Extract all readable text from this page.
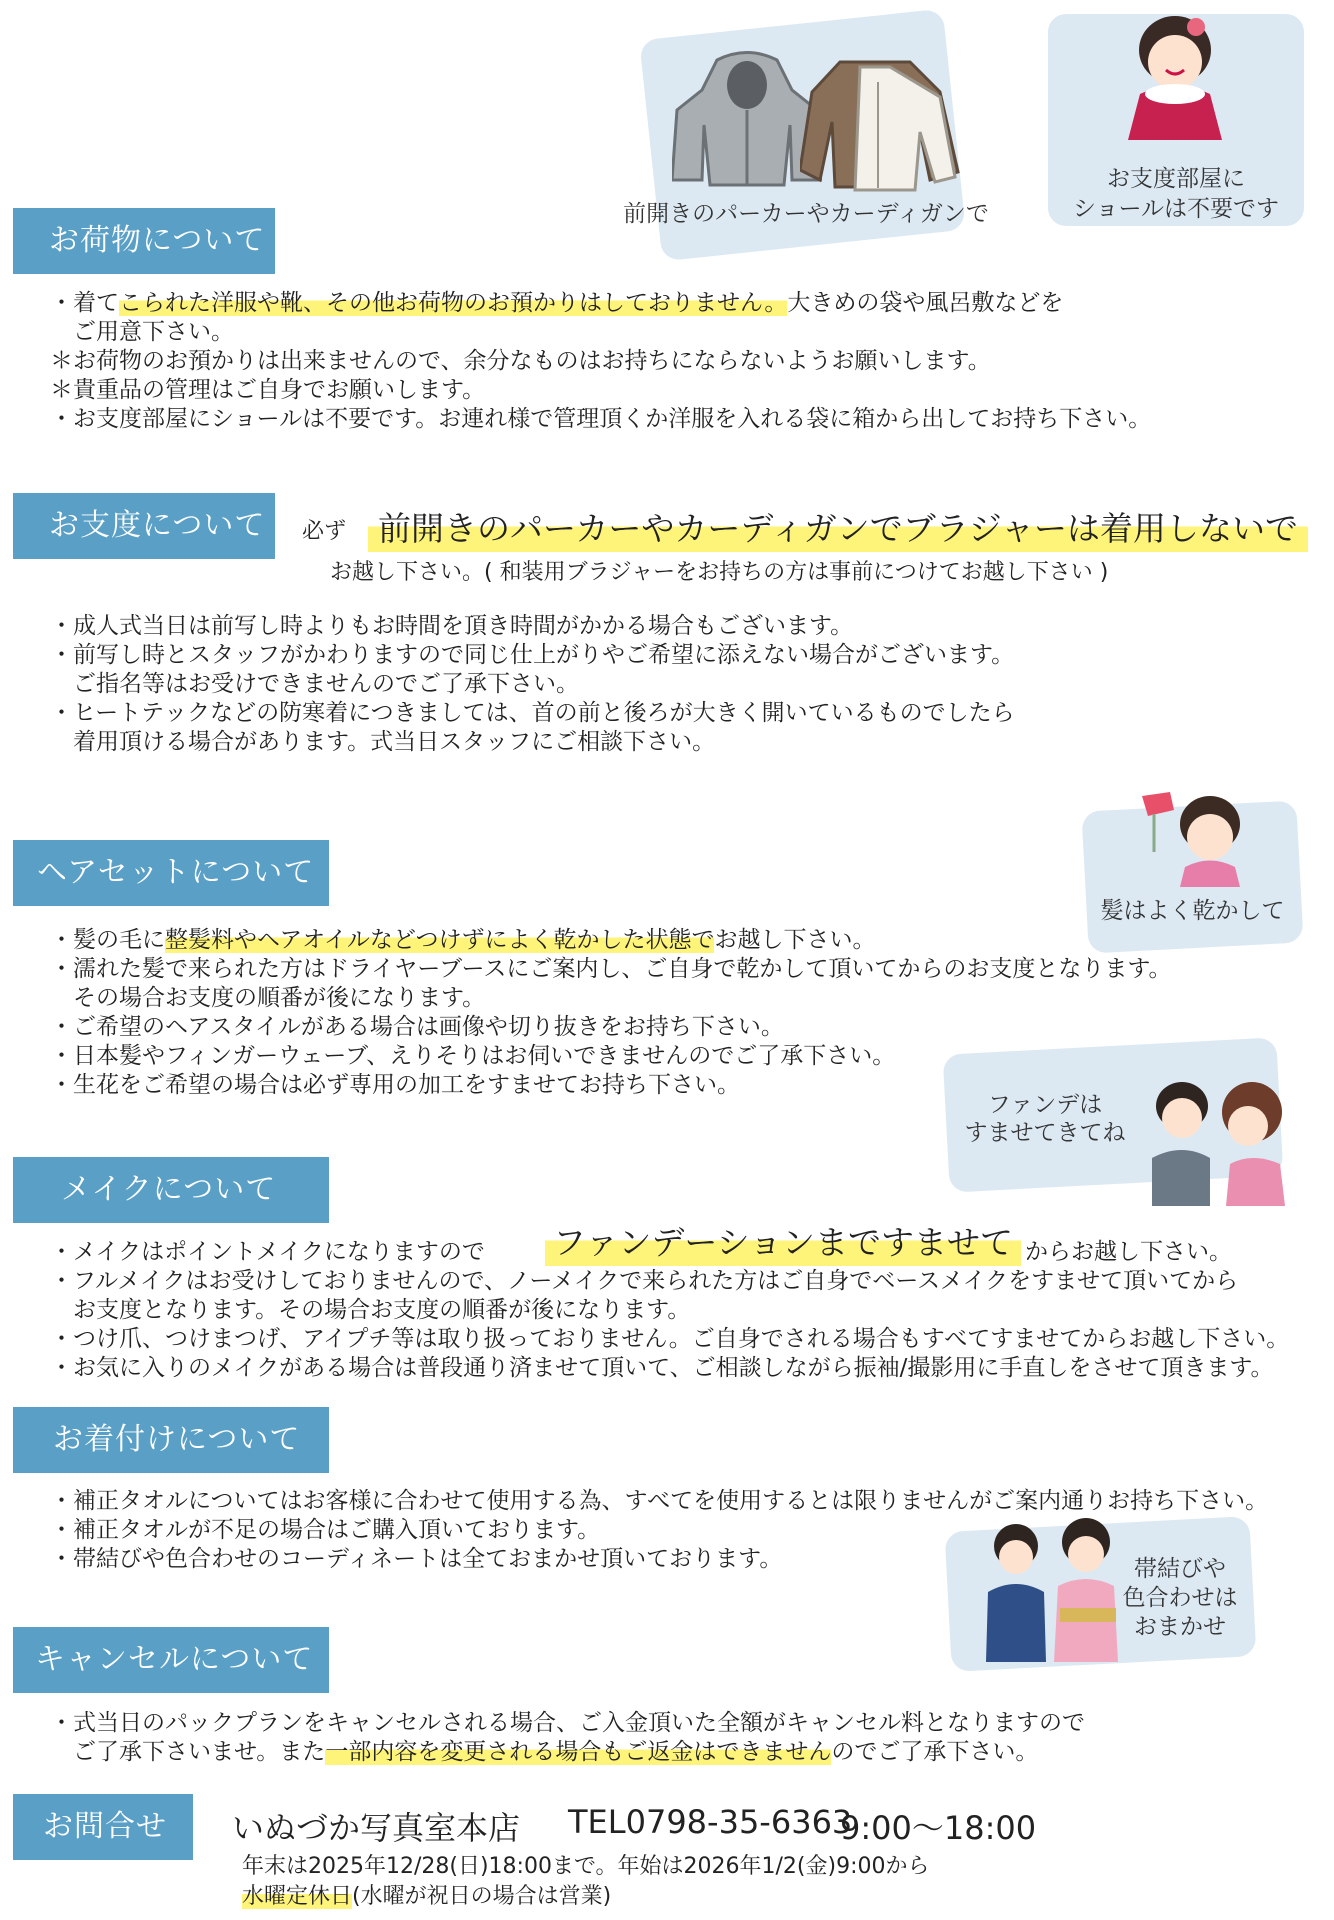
前開きのパーカーやカーディガンで
お支度部屋に
ショールは不要です
お荷物について
・着てこられた洋服や靴、その他お荷物のお預かりはしておりません。大きめの袋や風呂敷などを
　ご用意下さい。
＊お荷物のお預かりは出来ませんので、余分なものはお持ちにならないようお願いします。
＊貴重品の管理はご自身でお願いします。
・お支度部屋にショールは不要です。お連れ様で管理頂くか洋服を入れる袋に箱から出してお持ち下さい。
お支度について	必ず 前開きのパーカーやカーディガンでブラジャーは着用しないで
お越し下さい。( 和装用ブラジャーをお持ちの方は事前につけてお越し下さい )
・成人式当日は前写し時よりもお時間を頂き時間がかかる場合もございます。
・前写し時とスタッフがかわりますので同じ仕上がりやご希望に添えない場合がございます。
　ご指名等はお受けできませんのでご了承下さい。
・ヒートテックなどの防寒着につきましては、首の前と後ろが大きく開いているものでしたら
　着用頂ける場合があります。式当日スタッフにご相談下さい。
髪はよく乾かして
ヘアセットについて
・髪の毛に整髪料やヘアオイルなどつけずによく乾かした状態でお越し下さい。
・濡れた髪で来られた方はドライヤーブースにご案内し、ご自身で乾かして頂いてからのお支度となります。
　その場合お支度の順番が後になります。
・ご希望のヘアスタイルがある場合は画像や切り抜きをお持ち下さい。
・日本髪やフィンガーウェーブ、えりそりはお伺いできませんのでご了承下さい。
・生花をご希望の場合は必ず専用の加工をすませてお持ち下さい。
ファンデは
すませてきてね
メイクについて
・メイクはポイントメイクになりますので ファンデーションまですませて からお越し下さい。
・フルメイクはお受けしておりませんので、ノーメイクで来られた方はご自身でベースメイクをすませて頂いてから
　お支度となります。その場合お支度の順番が後になります。
・つけ爪、つけまつげ、アイプチ等は取り扱っておりません。ご自身でされる場合もすべてすませてからお越し下さい。
・お気に入りのメイクがある場合は普段通り済ませて頂いて、ご相談しながら振袖/撮影用に手直しをさせて頂きます。
お着付けについて
・補正タオルについてはお客様に合わせて使用する為、すべてを使用するとは限りませんがご案内通りお持ち下さい。
・補正タオルが不足の場合はご購入頂いております。
・帯結びや色合わせのコーディネートは全ておまかせ頂いております。	帯結びや
色合わせは
おまかせ
キャンセルについて
・式当日のパックプランをキャンセルされる場合、ご入金頂いた全額がキャンセル料となりますので
　ご了承下さいませ。また一部内容を変更される場合もご返金はできませんのでご了承下さい。
お問合せ	いぬづか写真室本店 TEL0798-35-6363
9:00〜18:00
年末は2025年12/28(日)18:00まで。年始は2026年1/2(金)9:00から
水曜定休日(水曜が祝日の場合は営業)
